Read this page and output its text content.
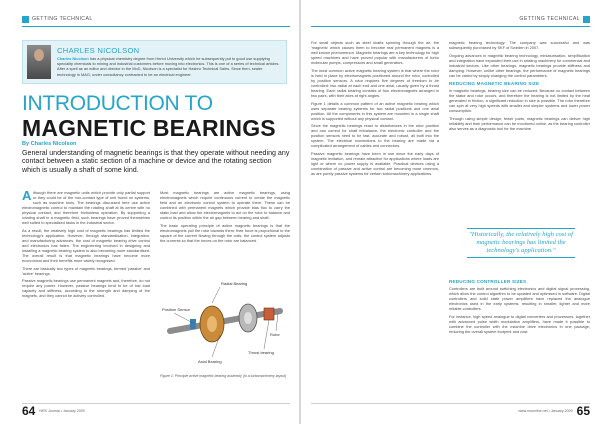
GETTING TECHNICAL
CHARLES NICOLSON
Charles Nicolson has a physical chemistry degree from Heriot University which he subsequently put to good use supplying speciality chemicals to mining and industrial customers before moving into electronics. This is one of a series of technical articles. After a spell as an editor and director in the MoD, Nicolson is a specialist for Hasbro Technical Sales. Since then, sealer technology in MAG, under consultancy contracted to be an electrical engineer.
INTRODUCTION TO
MAGNETIC BEARINGS
By Charles Nicolson
General understanding of magnetic bearings is that they operate without needing any contact between a static section of a machine or device and the rotating section which is usually a shaft of some kind.

Although there are magnetic units which provide only partial support or they could be of the non-contact type of unit found on systems, such as machine tools. The bearings discussed here use active electromagnetic control to maintain the rotating shaft at its centre with no physical contact, and therefore frictionless operation. By supporting a rotating shaft in a magnetic field, such bearings have proved themselves well suited to specialised tasks in the industrial sector.

As a result, the relatively high cost of magnetic bearings has limited the technology's application. However, through standardisation, integration, and manufacturing advances, the cost of magnetic bearing drive control and electronics has fallen. The engineering involved in designing and installing a magnetic bearing system is also becoming more standardised. The overall result is that magnetic bearings have become more economical and their benefits more widely recognised.

There are basically two types of magnetic bearings, termed 'passive' and 'active' bearings.

Passive magnetic bearings use permanent magnets and, therefore, do not require any power. However, passive bearings tend to be of low load capacity and stiffness, according to the strength and damping of the magnets, and they cannot be actively controlled.

Most magnetic bearings are active magnetic bearings, using electromagnets which require continuous current to create the magnetic field and an electronic control system to operate them. These can be combined with permanent magnets which provide bias flux to carry the static load and allow the electromagnets to act on the rotor to balance and control its position within the air gap between bearing and shaft.

The basic operating principle of active magnetic bearings is that the electromagnets pull the rotor towards them; their force is proportional to the square of the current flowing through the coils, the control system adjusts the currents so that the forces on the rotor are balanced.

Radial Bearing
Position Sensor
Axial Bearing
Rotor
Thrust bearing
Figure 1: Principle active magnetic bearing assembly (in a turbomachinery layout)
64 NRS Journal • January 2009
GETTING TECHNICAL

For small objects such as steel shafts spinning through the air, the 'magnetic' which causes them to become real permanent magnets is a well known phenomenon. Magnetic bearings are a key technology for high speed machines and have proved popular with manufacturers of turbo molecular pumps, compressors and small generators.

The most common active magnetic bearing system is that where the rotor is held in place by electromagnets positioned around the rotor, controlled by position sensors. A rotor requires five degrees of freedom to be controlled: two radial at each end and one axial, usually given by a thrust bearing. Each radial bearing consists of four electromagnets arranged in two pairs, with their axes at right angles.

Figure 1 details a common pattern of an active magnetic bearing which uses separate bearing systems for two radial positions and one axial position. All the components in this system are mounted in a single shaft which is supported without any physical contact.

Since the magnetic bearings react to disturbances in the rotor position and can correct for shaft imbalance, the electronic controller and the position sensors need to be fast, accurate and robust, all built into the system. The electrical connections to the bearing are made via a complicated arrangement of cables and connectors.

Passive magnetic bearings have been in use since the early days of magnetic levitation, and remain attractive for applications where loads are light or where no power supply is available. Practical devices using a combination of passive and active control are becoming more common, as are purely passive systems for certain turbomachinery applications.

magnetic bearing technology. The company was successful and was subsequently purchased by SKF of Sweden in 2007.

Ongoing advances in magnetic bearing technology, miniaturisation, simplification and integration have expanded their use in rotating machinery for commercial and industrial sectors. Like other bearings, magnetic bearings provide stiffness and damping. However, unlike other bearings, the performance of magnetic bearings can be varied by simply changing the control parameters.

REDUCING MAGNETIC BEARING SIZE

In magnetic bearings, bearing size can be reduced. Because no contact between the stator and rotor occurs, and therefore the bearing is not limited by the heat generated in friction, a significant reduction in size is possible. The rotor therefore can spin at very high speeds with smaller and simpler systems and lower power consumption.

Through using simple design, fewer parts, magnetic bearings can deliver high reliability and their performance can be monitored online, as the bearing controller also serves as a diagnostic tool for the machine.

"Historically, the relatively high cost of magnetic bearings has limited the technology's application."
REDUCING CONTROLLER SIZES

Controllers are built around switching electronics and digital signal processing, which allow the control algorithm to be updated and optimised in software. Digital controllers and solid state power amplifiers have replaced the analogue electronics used in the early systems, resulting in smaller, lighter and more reliable controllers.

For instance, high speed analogue to digital converters and processors, together with advanced pulse width modulation amplifiers, have made it possible to combine the controller with the machine drive electronics in one package, reducing the overall system footprint and cost.

www.nrsonline.net • January 2009 65
